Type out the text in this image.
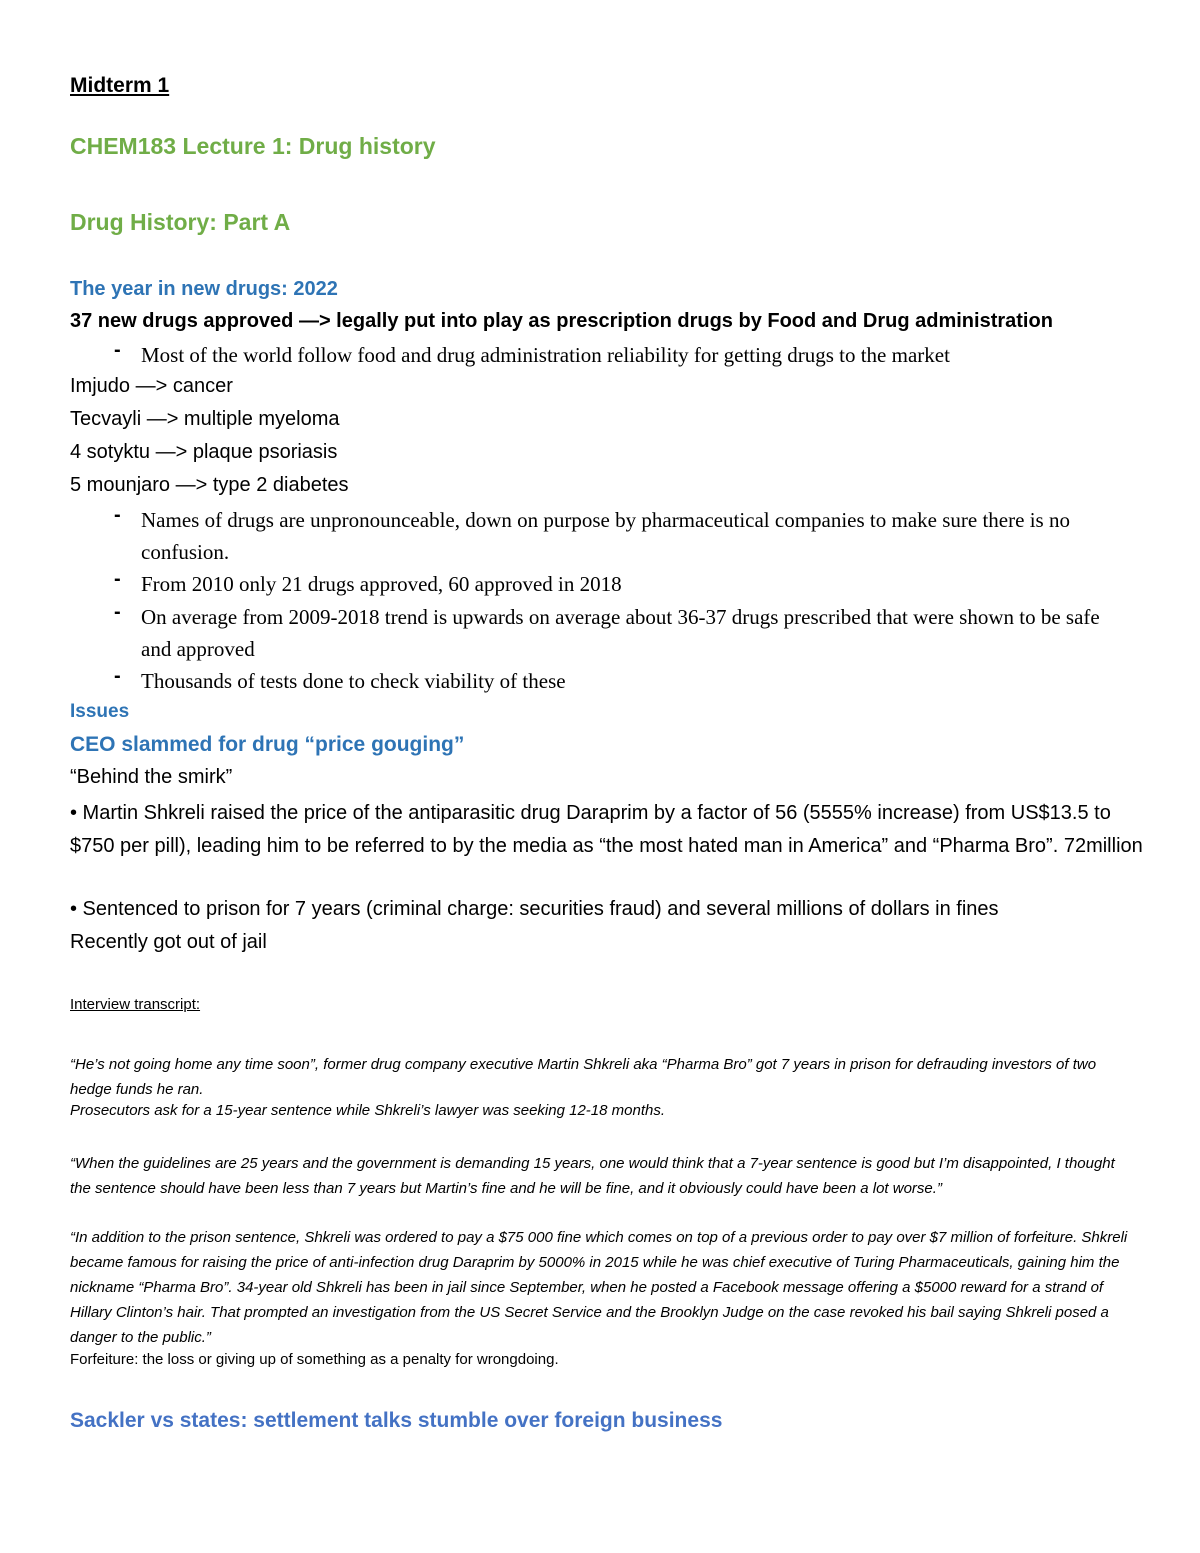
Midterm 1
CHEM183 Lecture 1: Drug history
Drug History: Part A
The year in new drugs: 2022
37 new drugs approved —> legally put into play as prescription drugs by Food and Drug administration
- Most of the world follow food and drug administration reliability for getting drugs to the market
Imjudo —> cancer
Tecvayli —> multiple myeloma
4 sotyktu —> plaque psoriasis
5 mounjaro —> type 2 diabetes
- Names of drugs are unpronounceable, down on purpose by pharmaceutical companies to make sure there is no confusion.
- From 2010 only 21 drugs approved, 60 approved in 2018
- On average from 2009-2018 trend is upwards on average about 36-37 drugs prescribed that were shown to be safe and approved
- Thousands of tests done to check viability of these
Issues
CEO slammed for drug “price gouging”
“Behind the smirk”
• Martin Shkreli raised the price of the antiparasitic drug Daraprim by a factor of 56 (5555% increase) from US$13.5 to $750 per pill), leading him to be referred to by the media as “the most hated man in America” and “Pharma Bro”. 72million
• Sentenced to prison for 7 years (criminal charge: securities fraud) and several millions of dollars in fines
Recently got out of jail
Interview transcript:
“He’s not going home any time soon”, former drug company executive Martin Shkreli aka “Pharma Bro” got 7 years in prison for defrauding investors of two hedge funds he ran.
Prosecutors ask for a 15-year sentence while Shkreli’s lawyer was seeking 12-18 months.
“When the guidelines are 25 years and the government is demanding 15 years, one would think that a 7-year sentence is good but I’m disappointed, I thought the sentence should have been less than 7 years but Martin’s fine and he will be fine, and it obviously could have been a lot worse.”
“In addition to the prison sentence, Shkreli was ordered to pay a $75 000 fine which comes on top of a previous order to pay over $7 million of forfeiture. Shkreli became famous for raising the price of anti-infection drug Daraprim by 5000% in 2015 while he was chief executive of Turing Pharmaceuticals, gaining him the nickname “Pharma Bro”. 34-year old Shkreli has been in jail since September, when he posted a Facebook message offering a $5000 reward for a strand of Hillary Clinton’s hair. That prompted an investigation from the US Secret Service and the Brooklyn Judge on the case revoked his bail saying Shkreli posed a danger to the public.”
Forfeiture: the loss or giving up of something as a penalty for wrongdoing.
Sackler vs states: settlement talks stumble over foreign business
